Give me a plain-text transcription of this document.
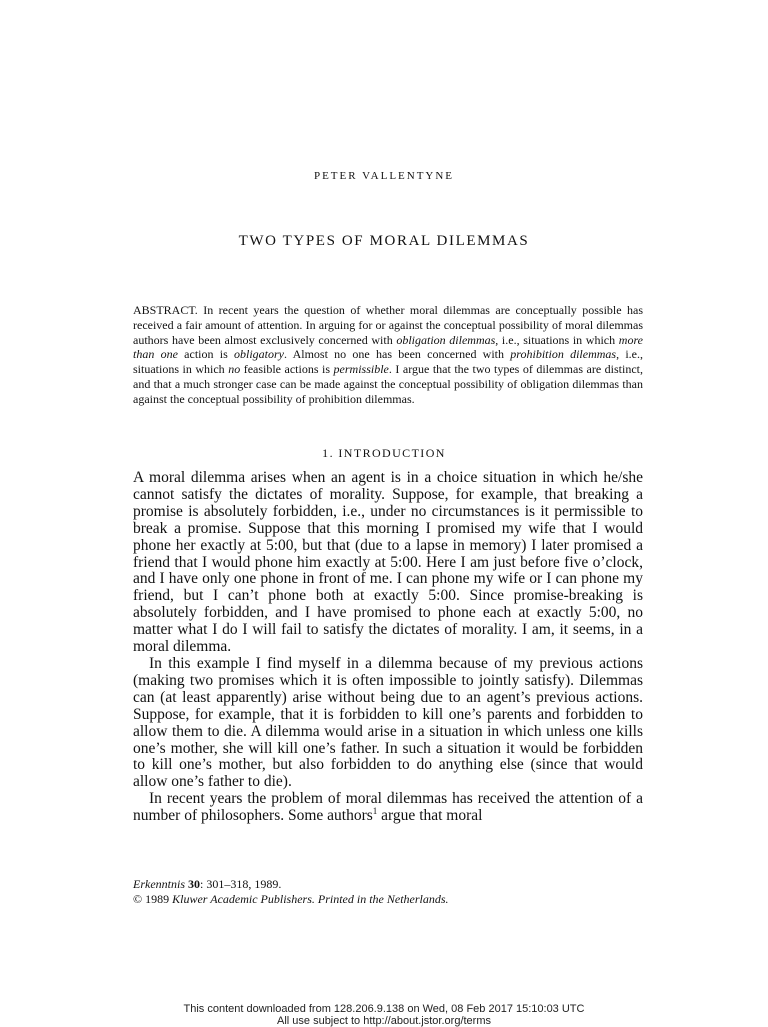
PETER VALLENTYNE
TWO TYPES OF MORAL DILEMMAS
ABSTRACT. In recent years the question of whether moral dilemmas are conceptually possible has received a fair amount of attention. In arguing for or against the conceptual possibility of moral dilemmas authors have been almost exclusively concerned with obligation dilemmas, i.e., situations in which more than one action is obligatory. Almost no one has been concerned with prohibition dilemmas, i.e., situations in which no feasible actions is permissible. I argue that the two types of dilemmas are distinct, and that a much stronger case can be made against the conceptual possibility of obligation dilemmas than against the conceptual possibility of prohibition dilemmas.
1. INTRODUCTION

A moral dilemma arises when an agent is in a choice situation in which he/she cannot satisfy the dictates of morality. Suppose, for example, that breaking a promise is absolutely forbidden, i.e., under no circumstances is it permissible to break a promise. Suppose that this morning I promised my wife that I would phone her exactly at 5:00, but that (due to a lapse in memory) I later promised a friend that I would phone him exactly at 5:00. Here I am just before five o’clock, and I have only one phone in front of me. I can phone my wife or I can phone my friend, but I can’t phone both at exactly 5:00. Since promise-breaking is absolutely forbidden, and I have promised to phone each at exactly 5:00, no matter what I do I will fail to satisfy the dictates of morality. I am, it seems, in a moral dilemma.

In this example I find myself in a dilemma because of my previous actions (making two promises which it is often impossible to jointly satisfy). Dilemmas can (at least apparently) arise without being due to an agent’s previous actions. Suppose, for example, that it is forbidden to kill one’s parents and forbidden to allow them to die. A dilemma would arise in a situation in which unless one kills one’s mother, she will kill one’s father. In such a situation it would be forbidden to kill one’s mother, but also forbidden to do anything else (since that would allow one’s father to die).

In recent years the problem of moral dilemmas has received the attention of a number of philosophers. Some authors$^1$ argue that moral

Erkenntnis 30: 301–318, 1989.
© 1989 Kluwer Academic Publishers. Printed in the Netherlands.
This content downloaded from 128.206.9.138 on Wed, 08 Feb 2017 15:10:03 UTC
All use subject to http://about.jstor.org/terms
